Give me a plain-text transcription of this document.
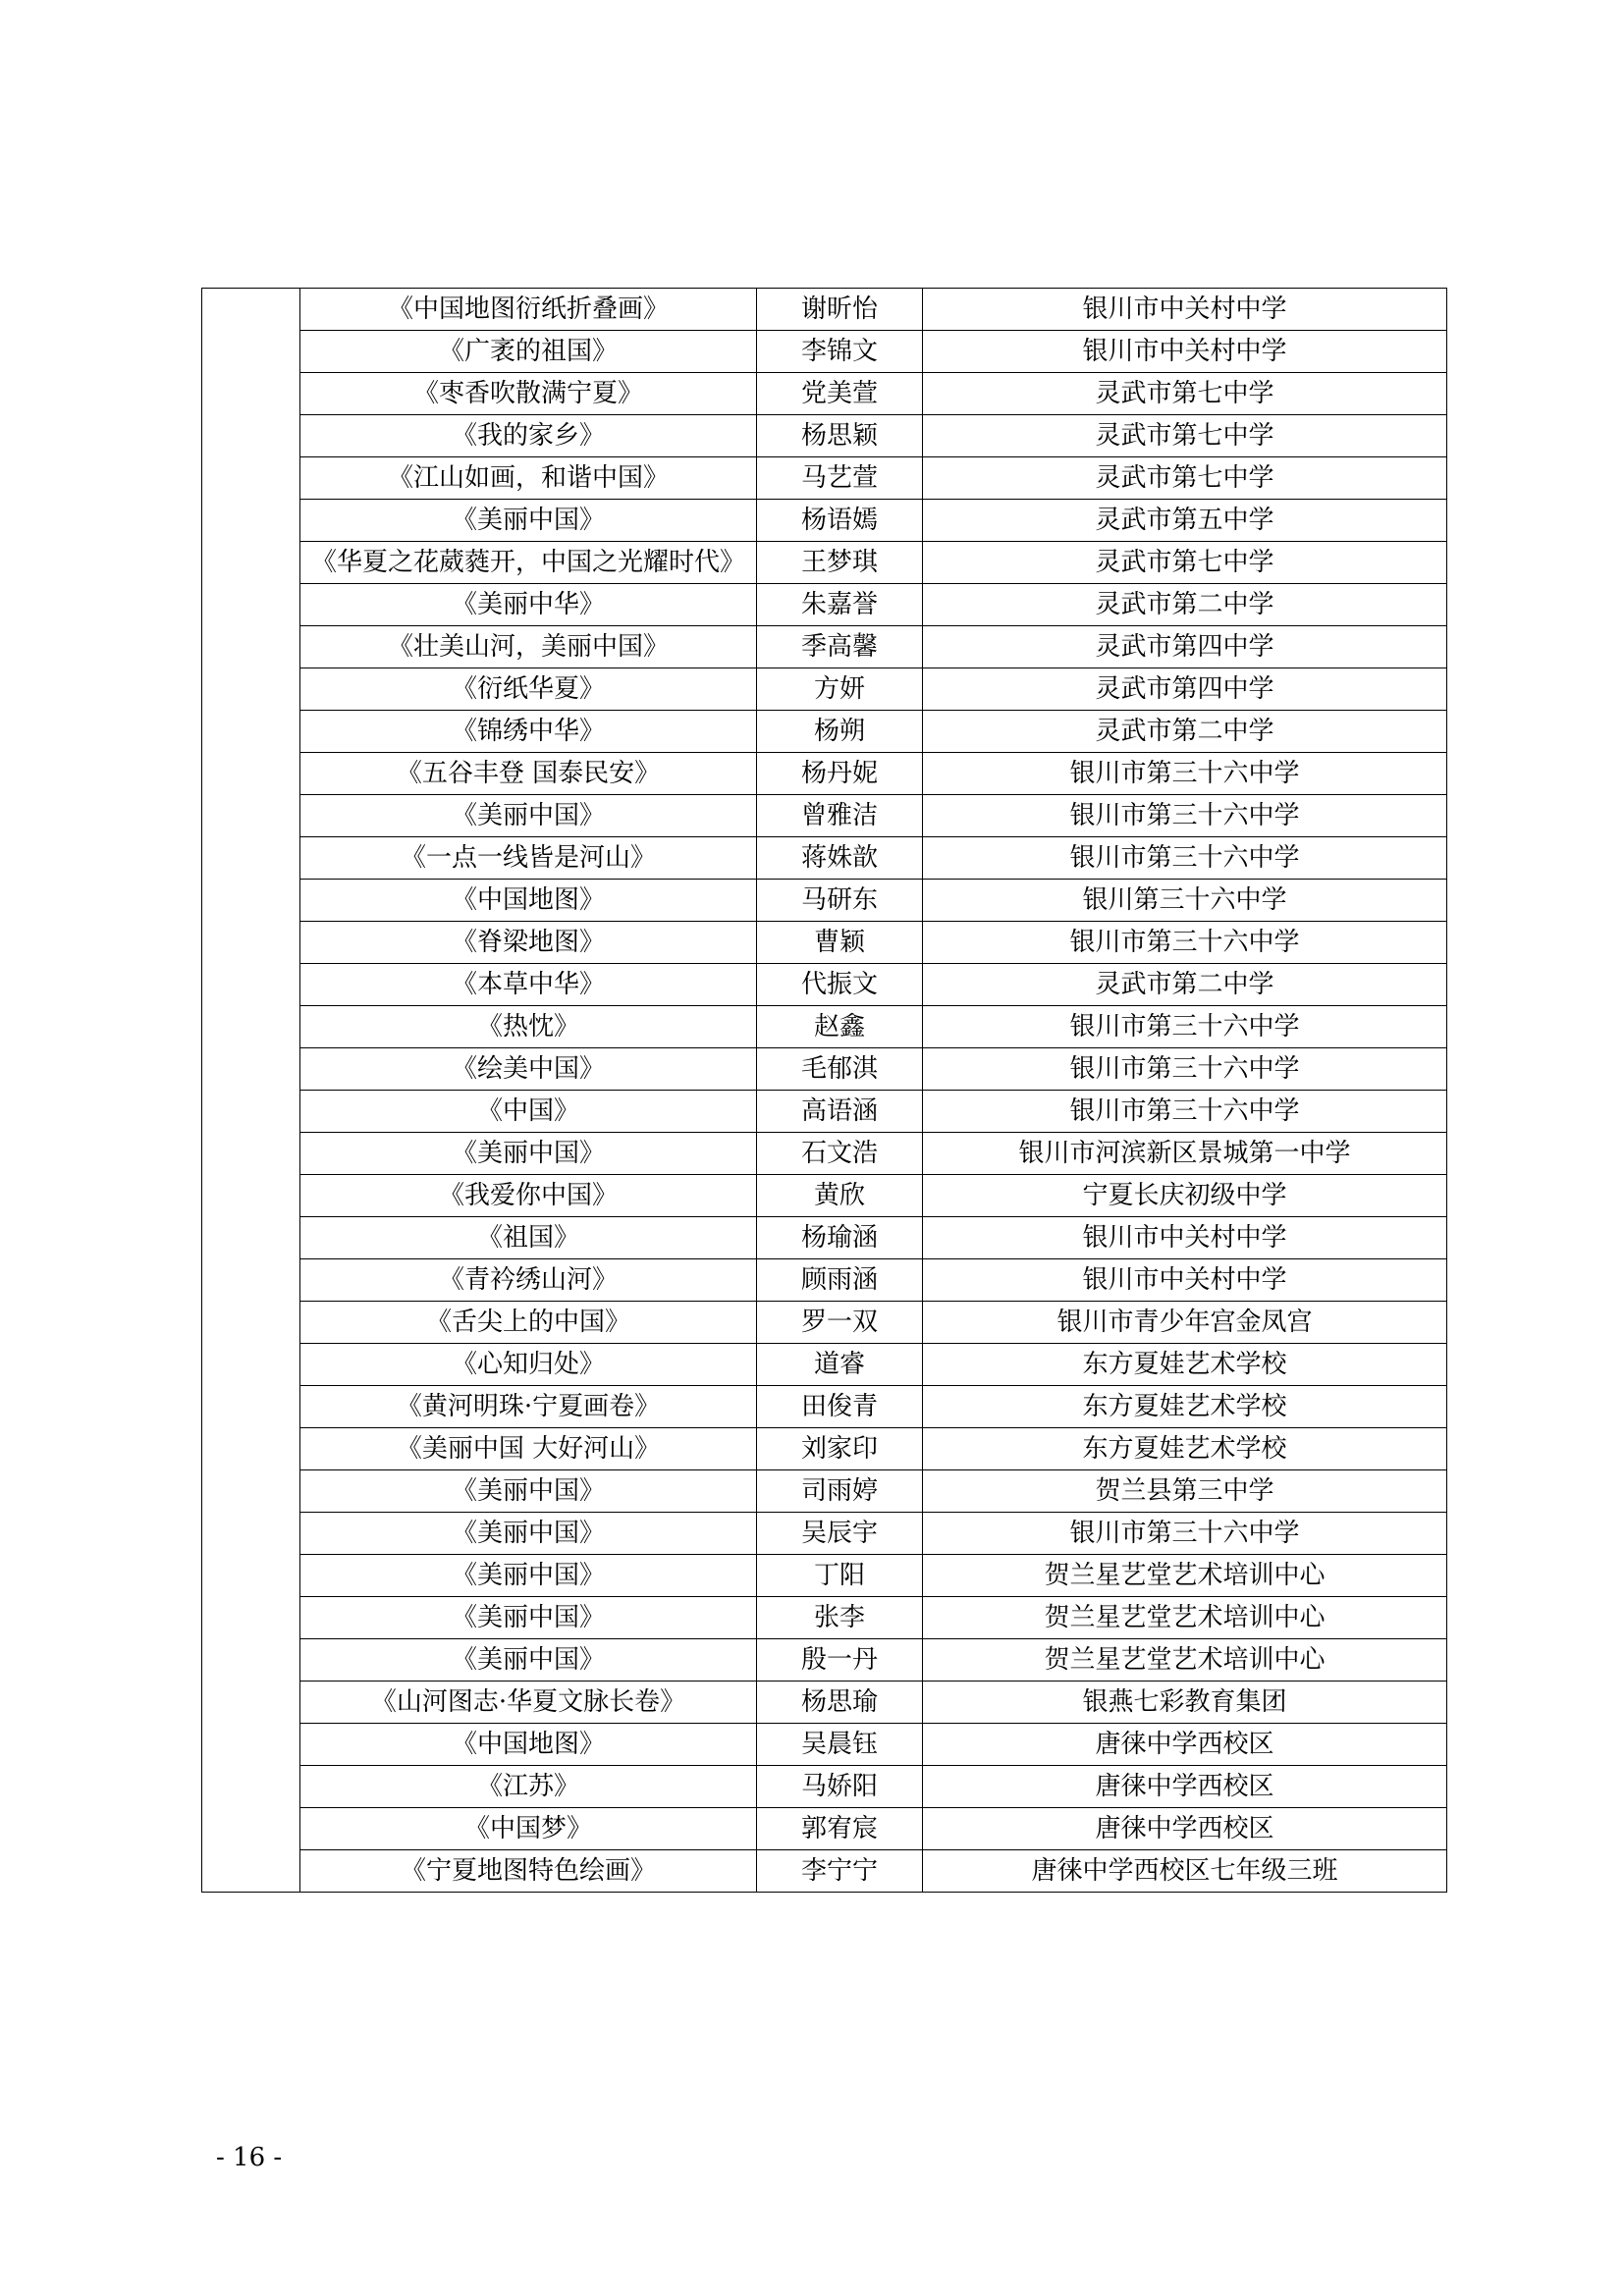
	《中国地图衍纸折叠画》	谢昕怡	银川市中关村中学
	《广袤的祖国》	李锦文	银川市中关村中学
	《枣香吹散满宁夏》	党美萱	灵武市第七中学
	《我的家乡》	杨思颖	灵武市第七中学
	《江山如画，和谐中国》	马艺萱	灵武市第七中学
	《美丽中国》	杨语嫣	灵武市第五中学
	《华夏之花葳蕤开，中国之光耀时代》	王梦琪	灵武市第七中学
	《美丽中华》	朱嘉誉	灵武市第二中学
	《壮美山河，美丽中国》	季高馨	灵武市第四中学
	《衍纸华夏》	方妍	灵武市第四中学
	《锦绣中华》	杨朔	灵武市第二中学
	《五谷丰登 国泰民安》	杨丹妮	银川市第三十六中学
	《美丽中国》	曾雅洁	银川市第三十六中学
	《一点一线皆是河山》	蒋姝歆	银川市第三十六中学
	《中国地图》	马研东	银川第三十六中学
	《脊梁地图》	曹颖	银川市第三十六中学
	《本草中华》	代振文	灵武市第二中学
	《热忱》	赵鑫	银川市第三十六中学
	《绘美中国》	毛郁淇	银川市第三十六中学
	《中国》	高语涵	银川市第三十六中学
	《美丽中国》	石文浩	银川市河滨新区景城第一中学
	《我爱你中国》	黄欣	宁夏长庆初级中学
	《祖国》	杨瑜涵	银川市中关村中学
	《青衿绣山河》	顾雨涵	银川市中关村中学
	《舌尖上的中国》	罗一双	银川市青少年宫金凤宫
	《心知归处》	道睿	东方夏娃艺术学校
	《黄河明珠·宁夏画卷》	田俊青	东方夏娃艺术学校
	《美丽中国 大好河山》	刘家印	东方夏娃艺术学校
	《美丽中国》	司雨婷	贺兰县第三中学
	《美丽中国》	吴辰宇	银川市第三十六中学
	《美丽中国》	丁阳	贺兰星艺堂艺术培训中心
	《美丽中国》	张李	贺兰星艺堂艺术培训中心
	《美丽中国》	殷一丹	贺兰星艺堂艺术培训中心
	《山河图志·华夏文脉长卷》	杨思瑜	银燕七彩教育集团
	《中国地图》	吴晨钰	唐徕中学西校区
	《江苏》	马娇阳	唐徕中学西校区
	《中国梦》	郭宥宸	唐徕中学西校区
	《宁夏地图特色绘画》	李宁宁	唐徕中学西校区七年级三班
- 16 -
